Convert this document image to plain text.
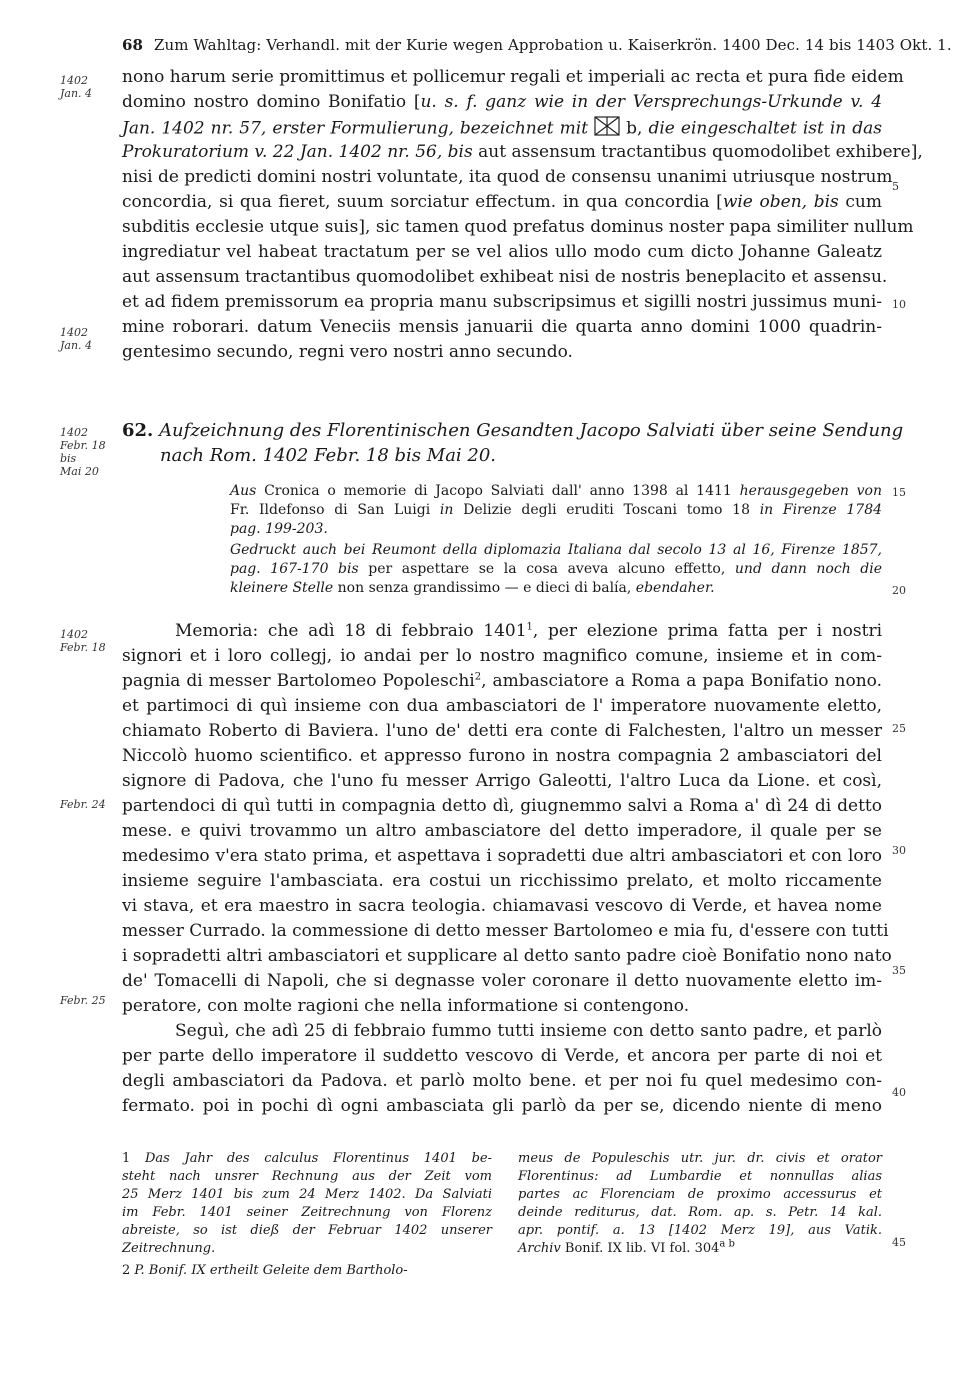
68 Zum Wahltag: Verhandl. mit der Kurie wegen Approbation u. Kaiserkrön. 1400 Dec. 14 bis 1403 Okt. 1.
1402
Jan. 4
1402
Jan. 4
1402
Febr. 18
bis
Mai 20
1402
Febr. 18
Febr. 24
Febr. 25
5
10
15
20
25
30
35
40
45
nono harum serie promittimus et pollicemur regali et imperiali ac recta et pura fide eidem
domino nostro domino Bonifatio [u. s. f. ganz wie in der Versprechungs-Urkunde v. 4
Jan. 1402 nr. 57, erster Formulierung, bezeichnet mit b, die eingeschaltet ist in das
Prokuratorium v. 22 Jan. 1402 nr. 56, bis aut assensum tractantibus quomodolibet exhibere],
nisi de predicti domini nostri voluntate, ita quod de consensu unanimi utriusque nostrum
concordia, si qua fieret, suum sorciatur effectum. in qua concordia [wie oben, bis cum
subditis ecclesie utque suis], sic tamen quod prefatus dominus noster papa similiter nullum
ingrediatur vel habeat tractatum per se vel alios ullo modo cum dicto Johanne Galeatz
aut assensum tractantibus quomodolibet exhibeat nisi de nostris beneplacito et assensu.
et ad fidem premissorum ea propria manu subscripsimus et sigilli nostri jussimus muni-
mine roborari. datum Veneciis mensis januarii die quarta anno domini 1000 quadrin-
gentesimo secundo, regni vero nostri anno secundo.
62. Aufzeichnung des Florentinischen Gesandten Jacopo Salviati über seine Sendung
nach Rom. 1402 Febr. 18 bis Mai 20.
Aus Cronica o memorie di Jacopo Salviati dall' anno 1398 al 1411 herausgegeben von
Fr. Ildefonso di San Luigi in Delizie degli eruditi Toscani tomo 18 in Firenze 1784
pag. 199-203.
Gedruckt auch bei Reumont della diplomazia Italiana dal secolo 13 al 16, Firenze 1857,
pag. 167-170 bis per aspettare se la cosa aveva alcuno effetto, und dann noch die
kleinere Stelle non senza grandissimo — e dieci di balía, ebendaher.
Memoria: che adì 18 di febbraio 1401$^1$, per elezione prima fatta per i nostri
signori et i loro collegj, io andai per lo nostro magnifico comune, insieme et in com-
pagnia di messer Bartolomeo Popoleschi$^2$, ambasciatore a Roma a papa Bonifatio nono.
et partimoci di quì insieme con dua ambasciatori de l' imperatore nuovamente eletto,
chiamato Roberto di Baviera. l'uno de' detti era conte di Falchesten, l'altro un messer
Niccolò huomo scientifico. et appresso furono in nostra compagnia 2 ambasciatori del
signore di Padova, che l'uno fu messer Arrigo Galeotti, l'altro Luca da Lione. et così,
partendoci di quì tutti in compagnia detto dì, giugnemmo salvi a Roma a' dì 24 di detto
mese. e quivi trovammo un altro ambasciatore del detto imperadore, il quale per se
medesimo v'era stato prima, et aspettava i sopradetti due altri ambasciatori et con loro
insieme seguire l'ambasciata. era costui un ricchissimo prelato, et molto riccamente
vi stava, et era maestro in sacra teologia. chiamavasi vescovo di Verde, et havea nome
messer Currado. la commessione di detto messer Bartolomeo e mia fu, d'essere con tutti
i sopradetti altri ambasciatori et supplicare al detto santo padre cioè Bonifatio nono nato
de' Tomacelli di Napoli, che si degnasse voler coronare il detto nuovamente eletto im-
peratore, con molte ragioni che nella informatione si contengono.
Seguì, che adì 25 di febbraio fummo tutti insieme con detto santo padre, et parlò
per parte dello imperatore il suddetto vescovo di Verde, et ancora per parte di noi et
degli ambasciatori da Padova. et parlò molto bene. et per noi fu quel medesimo con-
fermato. poi in pochi dì ogni ambasciata gli parlò da per se, dicendo niente di meno
1 Das Jahr des calculus Florentinus 1401 be-
steht nach unsrer Rechnung aus der Zeit vom
25 Merz 1401 bis zum 24 Merz 1402. Da Salviati
im Febr. 1401 seiner Zeitrechnung von Florenz
abreiste, so ist dieß der Februar 1402 unserer
Zeitrechnung.
2 P. Bonif. IX ertheilt Geleite dem Bartholo-
meus de Populeschis utr. jur. dr. civis et orator
Florentinus: ad Lumbardie et nonnullas alias
partes ac Florenciam de proximo accessurus et
deinde rediturus, dat. Rom. ap. s. Petr. 14 kal.
apr. pontif. a. 13 [1402 Merz 19], aus Vatik.
Archiv Bonif. IX lib. VI fol. $304^{a b}$
